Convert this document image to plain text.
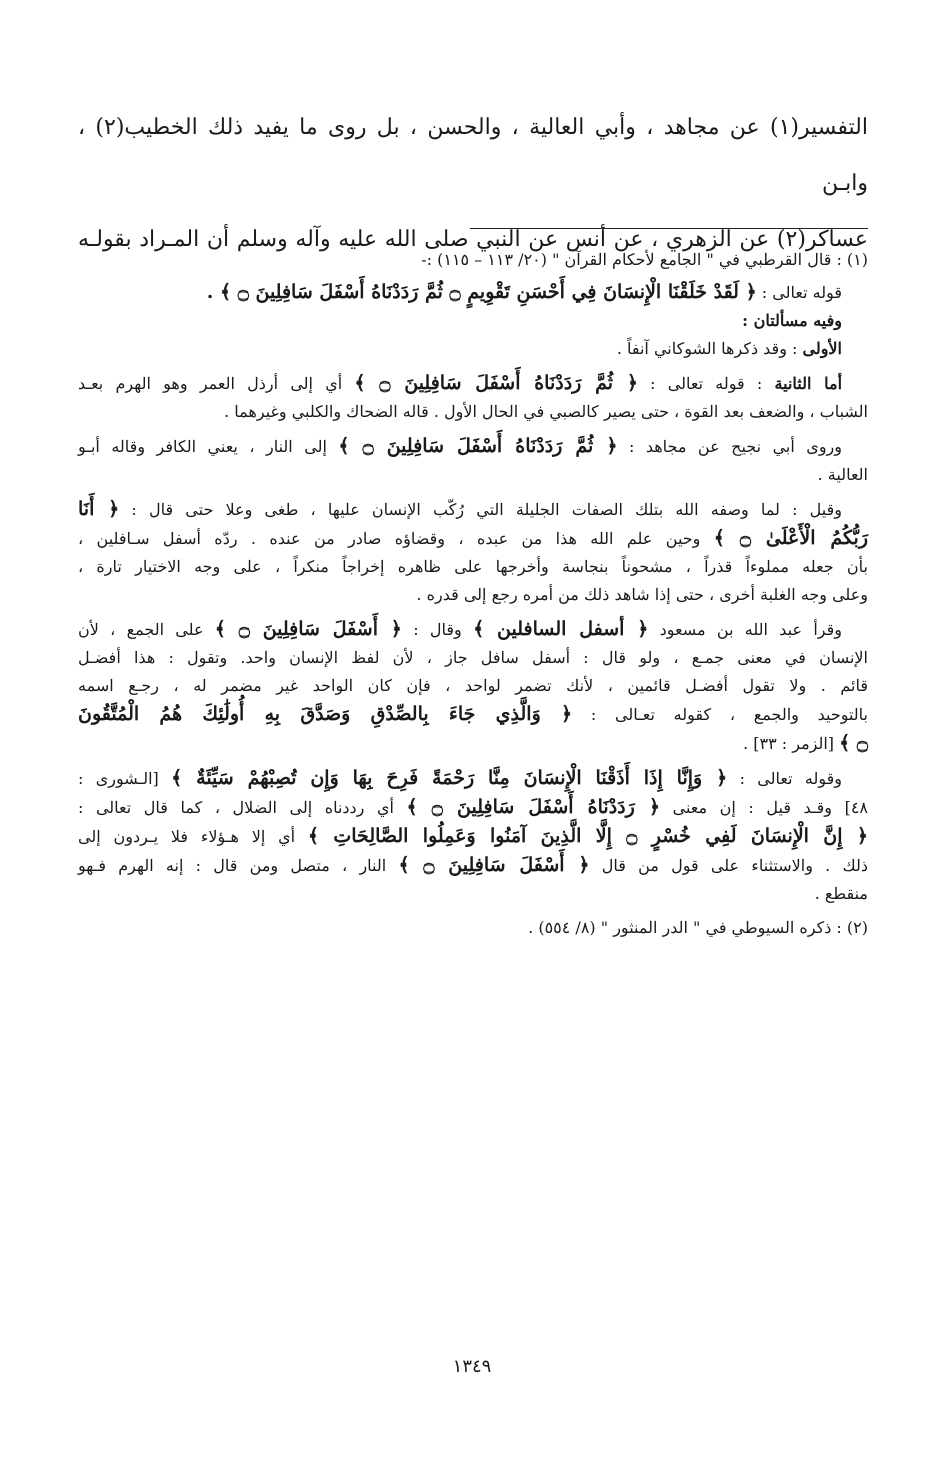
التفسير(١) عن مجاهد ، وأبي العالية ، والحسن ، بل روى ما يفيد ذلك الخطيب(٢) ، وابـن

عساكر(٢) عن الزهري ، عن أنس عن النبي صلى الله عليه وآله وسلم أن المـراد بقولـه

(١) : قال القرطبي في " الجامع لأحكام القرآن " (٢٠/ ١١٣ – ١١٥) :-

قوله تعالى : ﴿ لَقَدْ خَلَقْنَا الْإِنسَانَ فِي أَحْسَنِ تَقْوِيمٍ ۝ ثُمَّ رَدَدْنَاهُ أَسْفَلَ سَافِلِينَ ۝ ﴾ .

وفيه مسألتان :

الأولى : وقد ذكرها الشوكاني آنفاً .

أما الثانية : قوله تعالى : ﴿ ثُمَّ رَدَدْنَاهُ أَسْفَلَ سَافِلِينَ ۝ ﴾ أي إلى أرذل العمر وهو الهرم بعـد

الشباب ، والضعف بعد القوة ، حتى يصير كالصبي في الحال الأول . قاله الضحاك والكلبي وغيرهما .

وروى أبي نجيح عن مجاهد : ﴿ ثُمَّ رَدَدْنَاهُ أَسْفَلَ سَافِلِينَ ۝ ﴾ إلى النار ، يعني الكافر وقاله أبـو

العالية .

وقيل : لما وصفه الله بتلك الصفات الجليلة التي رُكّب الإنسان عليها ، طغى وعلا حتى قال : ﴿ أَنَا

رَبُّكُمُ الْأَعْلَىٰ ۝ ﴾ وحين علم الله هذا من عبده ، وقضاؤه صادر من عنده . ردّه أسفل سـافلين ،

بأن جعله مملوءاً قذراً ، مشحوناً بنجاسة وأخرجها على ظاهره إخراجاً منكراً ، على وجه الاختيار تارة ،

وعلى وجه الغلبة أخرى ، حتى إذا شاهد ذلك من أمره رجع إلى قدره .

وقرأ عبد الله بن مسعود ﴿ أسفل السافلين ﴾ وقال : ﴿ أَسْفَلَ سَافِلِينَ ۝ ﴾ على الجمع ، لأن

الإنسان في معنى جمـع ، ولو قال : أسفل سافل جاز ، لأن لفظ الإنسان واحد. وتقول : هذا أفضـل

قائم . ولا تقول أفضـل قائمين ، لأنك تضمر لواحد ، فإن كان الواحد غير مضمر له ، رجـع اسمه

بالتوحيد والجمع ، كقوله تعـالى : ﴿ وَالَّذِي جَاءَ بِالصِّدْقِ وَصَدَّقَ بِهِ أُولَٰئِكَ هُمُ الْمُتَّقُونَ

۝ ﴾ [الزمر : ٣٣] .

وقوله تعالى : ﴿ وَإِنَّا إِذَا أَذَقْنَا الْإِنسَانَ مِنَّا رَحْمَةً فَرِحَ بِهَا وَإِن تُصِبْهُمْ سَيِّئَةٌ ﴾ [الـشورى :

٤٨] وقـد قيل : إن معنى ﴿ رَدَدْنَاهُ أَسْفَلَ سَافِلِينَ ۝ ﴾ أي رددناه إلى الضلال ، كما قال تعالى :

﴿ إِنَّ الْإِنسَانَ لَفِي خُسْرٍ ۝ إِلَّا الَّذِينَ آمَنُوا وَعَمِلُوا الصَّالِحَاتِ ﴾ أي إلا هـؤلاء فلا يـردون إلى

ذلك . والاستثناء على قول من قال ﴿ أَسْفَلَ سَافِلِينَ ۝ ﴾ النار ، متصل ومن قال : إنه الهرم فـهو

منقطع .

(٢) : ذكره السيوطي في " الدر المنثور " (٨/ ٥٥٤) .

١٣٤٩
